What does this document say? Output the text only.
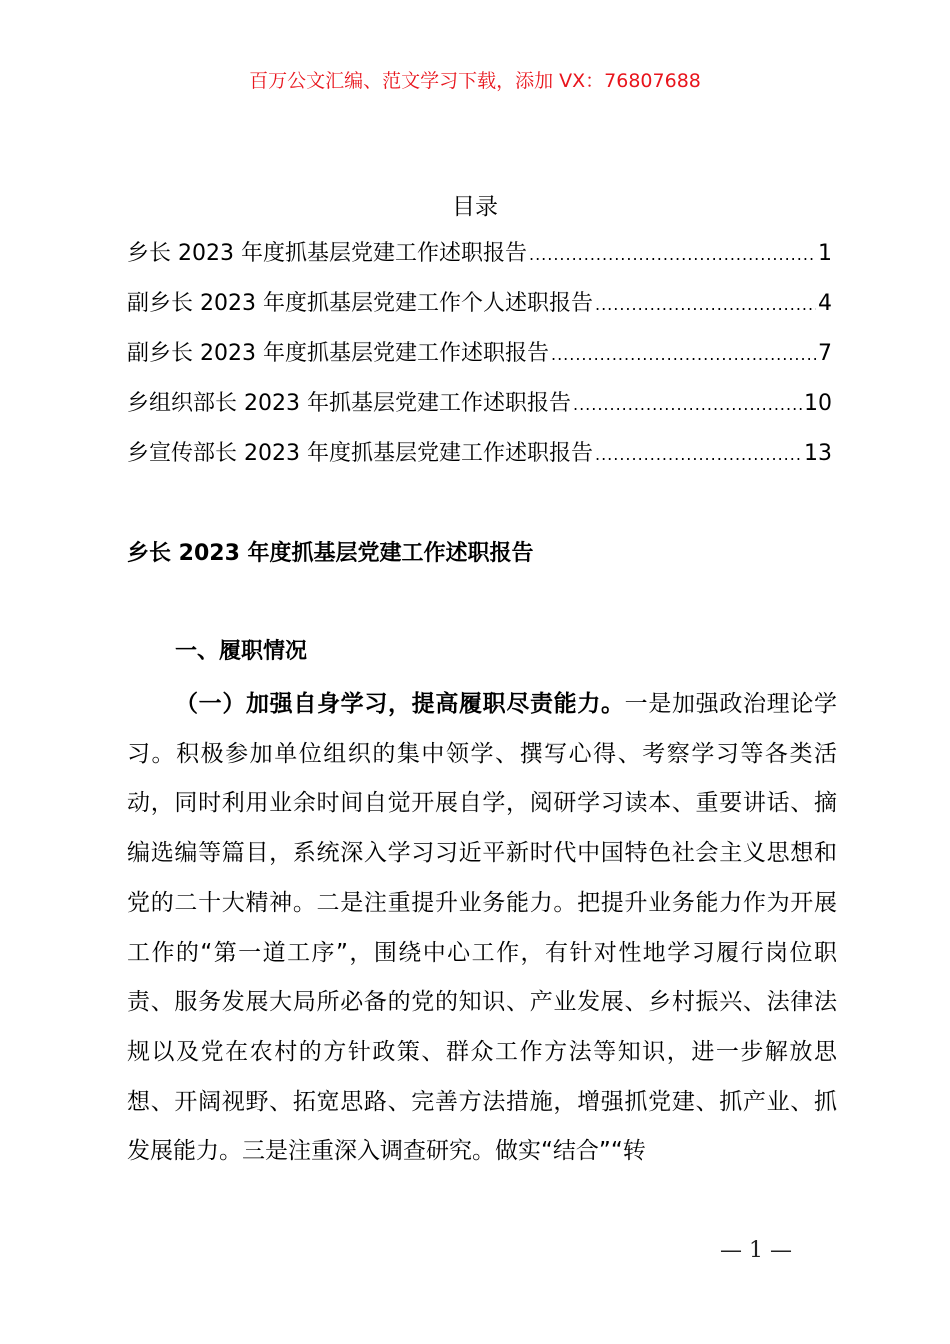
百万公文汇编、范文学习下载，添加 VX：76807688
目录
乡长 2023 年度抓基层党建工作述职报告 .....	1
副乡长 2023 年度抓基层党建工作个人述职报告 .....	4
副乡长 2023 年度抓基层党建工作述职报告 .....	7
乡组织部长 2023 年抓基层党建工作述职报告 .....	10
乡宣传部长 2023 年度抓基层党建工作述职报告 .....	13
乡长 2023 年度抓基层党建工作述职报告
一、履职情况
（一）加强自身学习，提高履职尽责能力。一是加强政治理论学习。积极参加单位组织的集中领学、撰写心得、考察学习等各类活动，同时利用业余时间自觉开展自学，阅研学习读本、重要讲话、摘编选编等篇目，系统深入学习习近平新时代中国特色社会主义思想和党的二十大精神。二是注重提升业务能力。把提升业务能力作为开展工作的“第一道工序”，围绕中心工作，有针对性地学习履行岗位职责、服务发展大局所必备的党的知识、产业发展、乡村振兴、法律法规以及党在农村的方针政策、群众工作方法等知识，进一步解放思想、开阔视野、拓宽思路、完善方法措施，增强抓党建、抓产业、抓发展能力。三是注重深入调查研究。做实“结合”“转
— 1 —
